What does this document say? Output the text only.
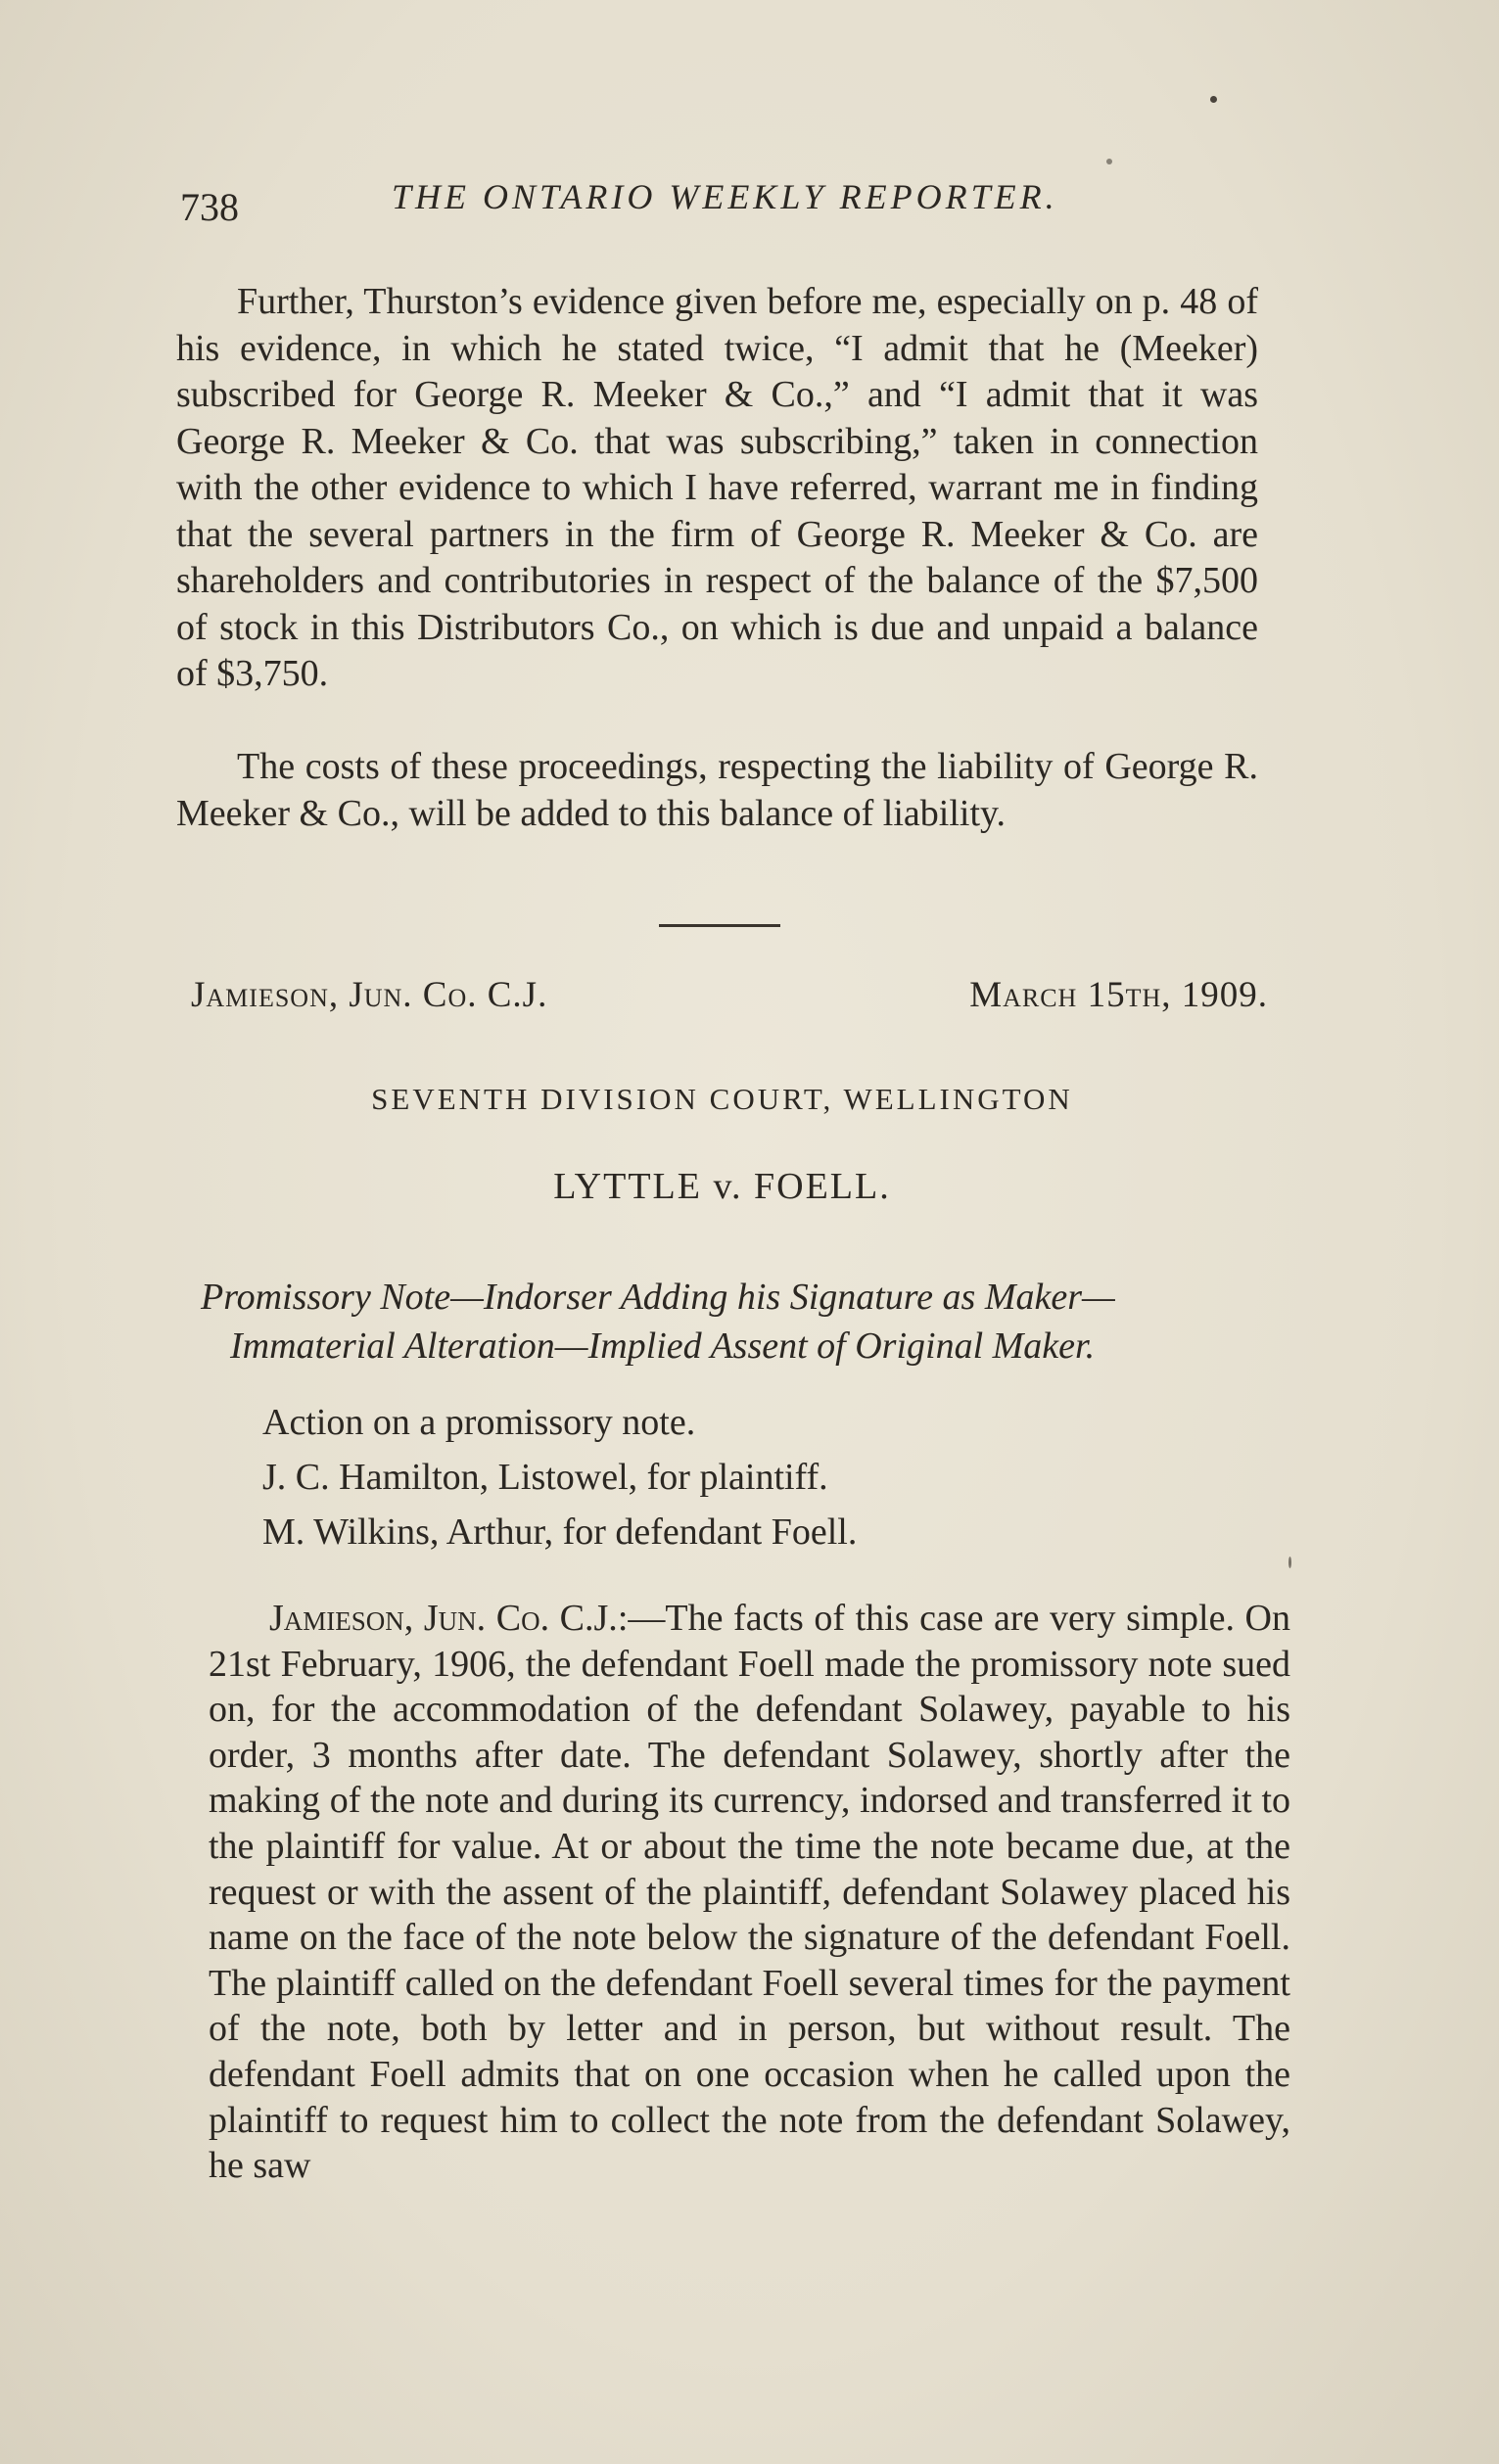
738	THE ONTARIO WEEKLY REPORTER.

Further, Thurston’s evidence given before me, especially on p. 48 of his evidence, in which he stated twice, “I admit that he (Meeker) subscribed for George R. Meeker & Co.,” and “I admit that it was George R. Meeker & Co. that was subscribing,” taken in connection with the other evidence to which I have referred, warrant me in finding that the several partners in the firm of George R. Meeker & Co. are shareholders and contributories in respect of the balance of the $7,500 of stock in this Distributors Co., on which is due and unpaid a balance of $3,750.

The costs of these proceedings, respecting the liability of George R. Meeker & Co., will be added to this balance of liability.

Jamieson, Jun. Co. C.J.	March 15th, 1909.
SEVENTH DIVISION COURT, WELLINGTON
LYTTLE v. FOELL.
Promissory Note—Indorser Adding his Signature as Maker—
Immaterial Alteration—Implied Assent of Original Maker.
Action on a promissory note.
J. C. Hamilton, Listowel, for plaintiff.
M. Wilkins, Arthur, for defendant Foell.

Jamieson, Jun. Co. C.J.:—The facts of this case are very simple. On 21st February, 1906, the defendant Foell made the promissory note sued on, for the accommodation of the defendant Solawey, payable to his order, 3 months after date. The defendant Solawey, shortly after the making of the note and during its currency, indorsed and transferred it to the plaintiff for value. At or about the time the note became due, at the request or with the assent of the plaintiff, defendant Solawey placed his name on the face of the note below the signature of the defendant Foell. The plaintiff called on the defendant Foell several times for the payment of the note, both by letter and in person, but without result. The defendant Foell admits that on one occasion when he called upon the plaintiff to request him to collect the note from the defendant Solawey, he saw
